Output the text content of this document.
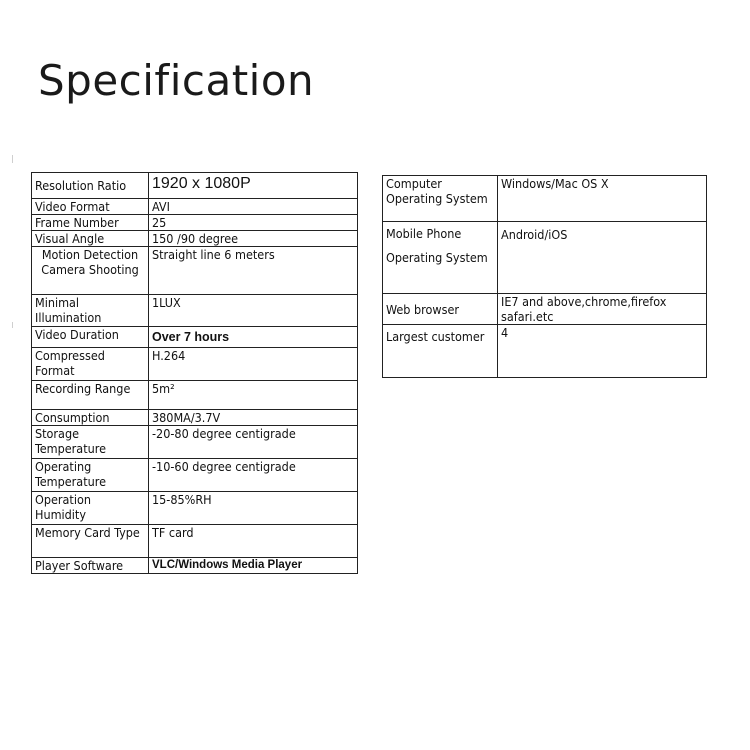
Specification
Resolution Ratio	1920 x 1080P
Video Format	AVI
Frame Number	25
Visual Angle	150 /90 degree
Motion Detection Camera Shooting	Straight line 6 meters
Minimal Illumination	1LUX
Video Duration	Over 7 hours
Compressed Format	H.264
Recording Range	5m²
Consumption	380MA/3.7V
Storage Temperature	-20-80 degree centigrade
Operating Temperature	-10-60 degree centigrade
Operation Humidity	15-85%RH
Memory Card Type	TF card
Player Software	VLC/Windows Media Player
Computer Operating System	Windows/Mac OS X
Mobile Phone Operating System	Android/iOS
Web browser	IE7 and above,chrome,firefox safari.etc
Largest customer	4
